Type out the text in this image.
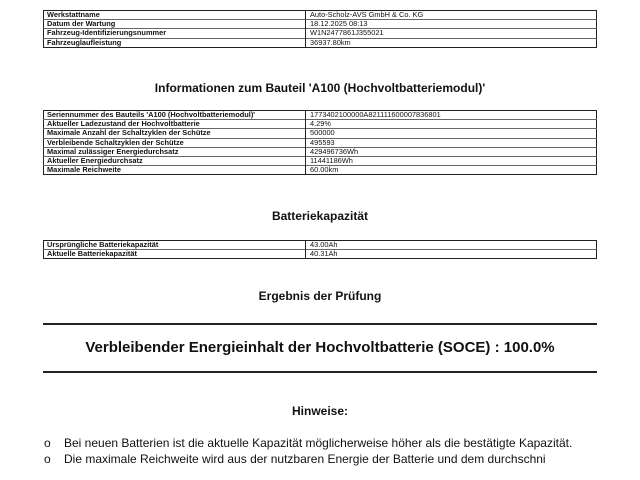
Werkstattname	Auto-Scholz-AVS GmbH & Co. KG
Datum der Wartung	18.12.2025 08:13
Fahrzeug-Identifizierungsnummer	W1N2477861J355021
Fahrzeuglaufleistung	36937.80km
Informationen zum Bauteil 'A100 (Hochvoltbatteriemodul)'
Seriennummer des Bauteils 'A100 (Hochvoltbatteriemodul)'	1773402100000A821111600007836801
Aktueller Ladezustand der Hochvoltbatterie	4.29%
Maximale Anzahl der Schaltzyklen der Schütze	500000
Verbleibende Schaltzyklen der Schütze	495593
Maximal zulässiger Energiedurchsatz	429496736Wh
Aktueller Energiedurchsatz	11441186Wh
Maximale Reichweite	60.00km
Batteriekapazität
Ursprüngliche Batteriekapazität	43.00Ah
Aktuelle Batteriekapazität	40.31Ah
Ergebnis der Prüfung
Verbleibender Energieinhalt der Hochvoltbatterie (SOCE) : 100.0%
Hinweise:
o Bei neuen Batterien ist die aktuelle Kapazität möglicherweise höher als die bestätigte Kapazität.
o Die maximale Reichweite wird aus der nutzbaren Energie der Batterie und dem durchschni
